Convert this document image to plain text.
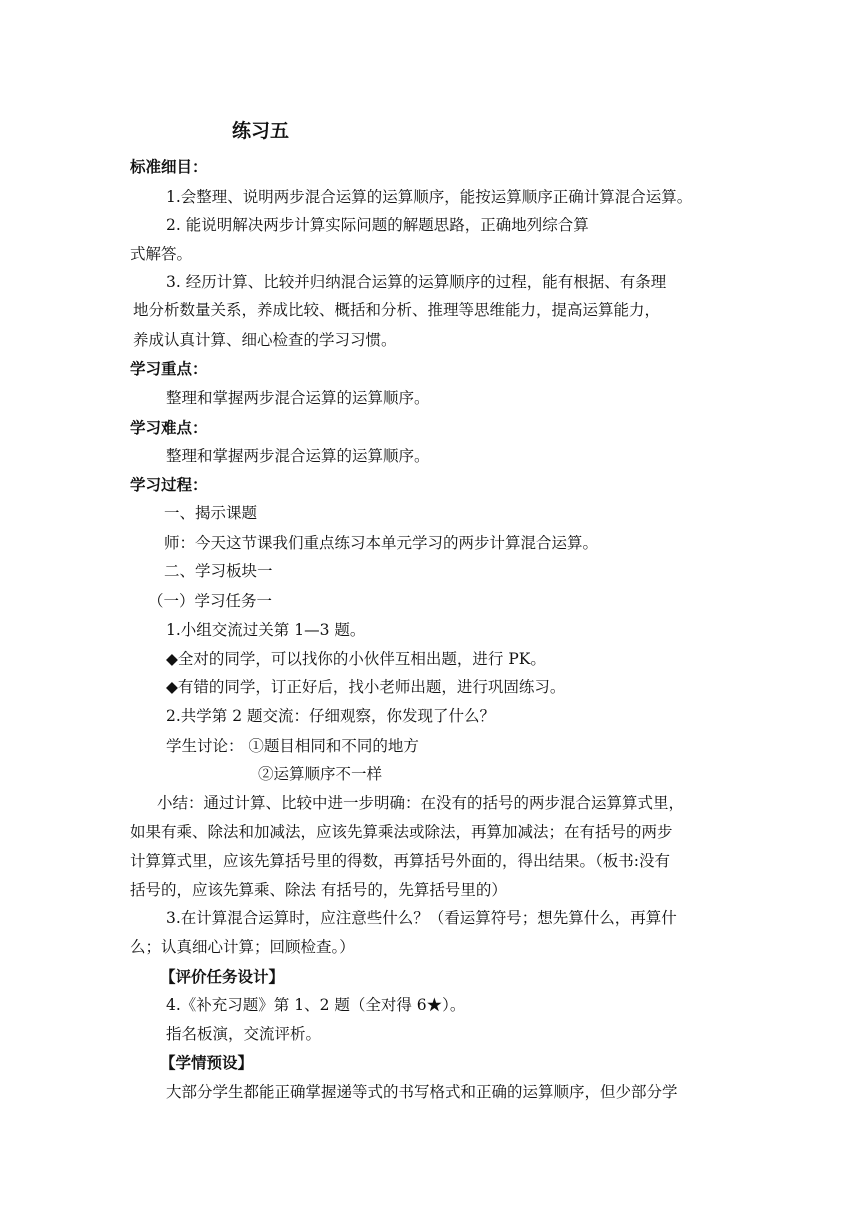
练习五
标准细目：
1.会整理、说明两步混合运算的运算顺序，能按运算顺序正确计算混合运算。
2. 能说明解决两步计算实际问题的解题思路，正确地列综合算
式解答。
3. 经历计算、比较并归纳混合运算的运算顺序的过程，能有根据、有条理
地分析数量关系，养成比较、概括和分析、推理等思维能力，提高运算能力，
养成认真计算、细心检查的学习习惯。
学习重点：
整理和掌握两步混合运算的运算顺序。
学习难点：
整理和掌握两步混合运算的运算顺序。
学习过程：
一、揭示课题
师：今天这节课我们重点练习本单元学习的两步计算混合运算。
二、学习板块一
（一）学习任务一
1.小组交流过关第 1—3 题。
◆全对的同学，可以找你的小伙伴互相出题，进行 PK。
◆有错的同学，订正好后，找小老师出题，进行巩固练习。
2.共学第 2 题交流：仔细观察，你发现了什么？
学生讨论： ①题目相同和不同的地方
②运算顺序不一样
小结：通过计算、比较中进一步明确：在没有的括号的两步混合运算算式里，
如果有乘、除法和加减法，应该先算乘法或除法，再算加减法；在有括号的两步
计算算式里，应该先算括号里的得数，再算括号外面的，得出结果。（板书:没有
括号的，应该先算乘、除法 有括号的，先算括号里的）
3.在计算混合运算时，应注意些什么？（看运算符号；想先算什么，再算什
么；认真细心计算；回顾检查。）
【评价任务设计】
4.《补充习题》第 1、2 题（全对得 6★）。
指名板演，交流评析。
【学情预设】
大部分学生都能正确掌握递等式的书写格式和正确的运算顺序，但少部分学
